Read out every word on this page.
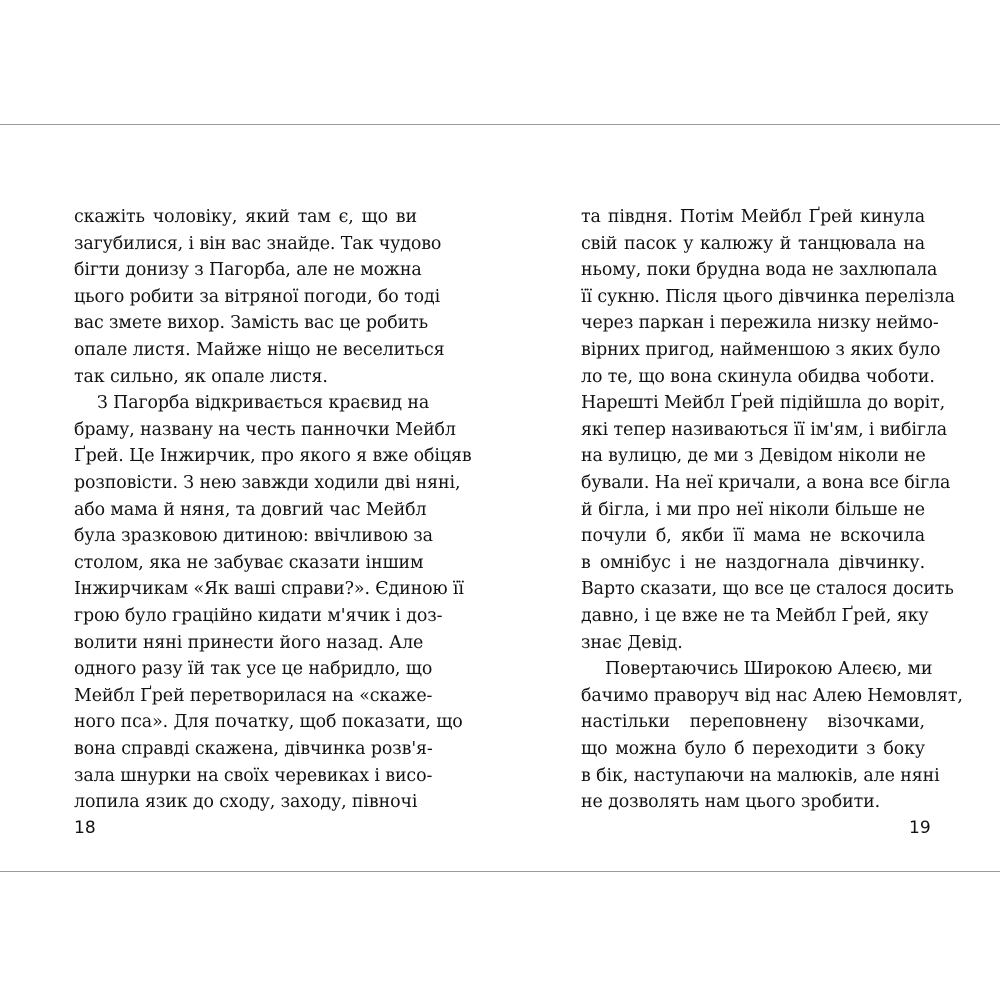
скажіть чоловіку, який там є, що ви
загубилися, і він вас знайде. Так чудово
бігти донизу з Пагорба, але не можна
цього робити за вітряної погоди, бо тоді
вас змете вихор. Замість вас це робить
опале листя. Майже ніщо не веселиться
так сильно, як опале листя.
З Пагорба відкривається краєвид на
браму, названу на честь панночки Мейбл
Ґрей. Це Інжирчик, про якого я вже обіцяв
розповісти. З нею завжди ходили дві няні,
або мама й няня, та довгий час Мейбл
була зразковою дитиною: ввічливою за
столом, яка не забуває сказати іншим
Інжирчикам «Як ваші справи?». Єдиною її
грою було граційно кидати м'ячик і доз-
волити няні принести його назад. Але
одного разу їй так усе це набридло, що
Мейбл Ґрей перетворилася на «скаже-
ного пса». Для початку, щоб показати, що
вона справді скажена, дівчинка розв'я-
зала шнурки на своїх черевиках і висо-
лопила язик до сходу, заходу, півночі
18
та півдня. Потім Мейбл Ґрей кинула
свій пасок у калюжу й танцювала на
ньому, поки брудна вода не захлюпала
її сукню. Після цього дівчинка перелізла
через паркан і пережила низку неймо-
вірних пригод, найменшою з яких було
ло те, що вона скинула обидва чоботи.
Нарешті Мейбл Ґрей підійшла до воріт,
які тепер називаються її ім'ям, і вибігла
на вулицю, де ми з Девідом ніколи не
бували. На неї кричали, а вона все бігла
й бігла, і ми про неї ніколи більше не
почули б, якби її мама не вскочила
в омнібус і не наздогнала дівчинку.
Варто сказати, що все це сталося досить
давно, і це вже не та Мейбл Ґрей, яку
знає Девід.
Повертаючись Широкою Алеєю, ми
бачимо праворуч від нас Алею Немовлят,
настільки переповнену візочками,
що можна було б переходити з боку
в бік, наступаючи на малюків, але няні
не дозволять нам цього зробити.
19
